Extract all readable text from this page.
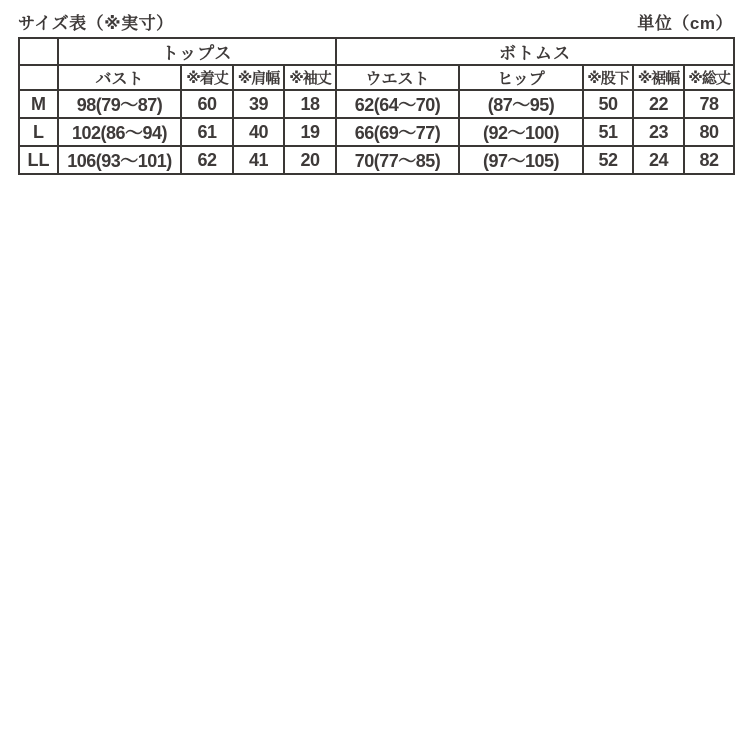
サイズ表（※実寸）	単位（cm）
	トップス				ボトムス				
	バスト	※着丈	※肩幅	※袖丈	ウエスト	ヒップ	※股下	※裾幅	※総丈
M	98(79～87)	60	39	18	62(64～70)	(87～95)	50	22	78
L	102(86～94)	61	40	19	66(69～77)	(92～100)	51	23	80
LL	106(93～101)	62	41	20	70(77～85)	(97～105)	52	24	82
